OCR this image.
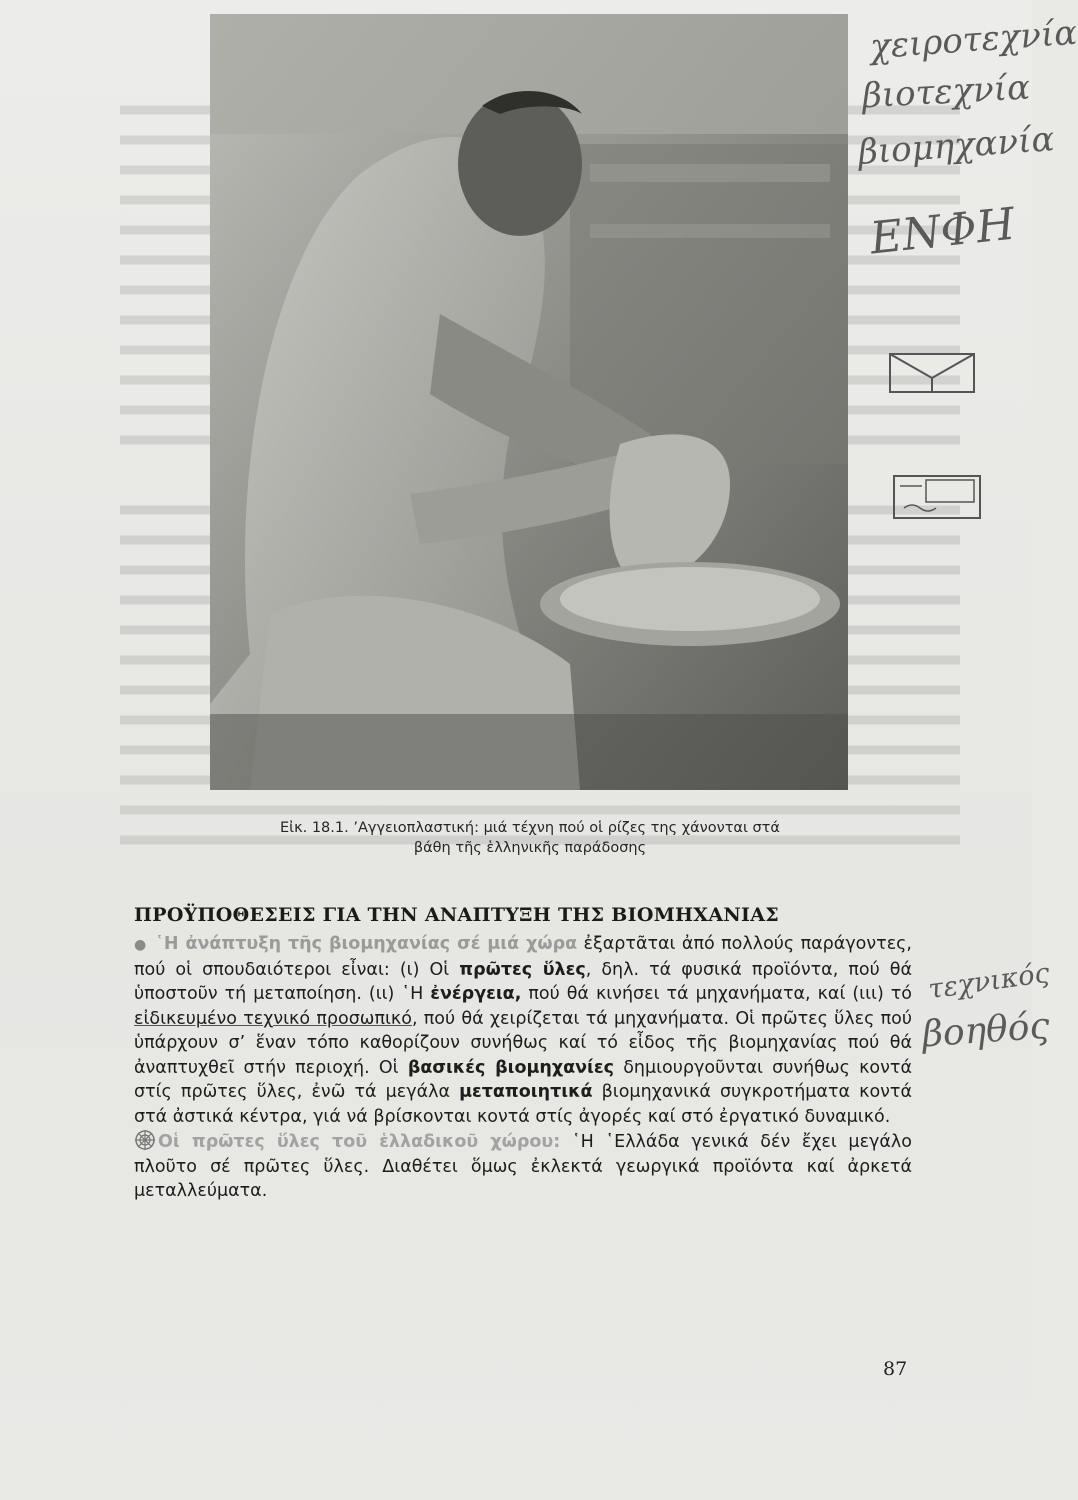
Εἰκ. 18.1. ’Αγγειοπλαστική: μιά τέχνη πού οἱ ρίζες της χάνονται στά
βάθη τῆς ἑλληνικῆς παράδοσης
ΠΡΟΫΠΟΘΕΣΕΙΣ ΓΙΑ ΤΗΝ ΑΝΑΠΤΥΞΗ ΤΗΣ ΒΙΟΜΗΧΑΝΙΑΣ

● ῾Η ἀνάπτυξη τῆς βιομηχανίας σέ μιά χώρα ἐξαρτᾶται ἀπό πολλούς παράγοντες, πού οἱ σπουδαιότεροι εἶναι: (ι) Οἱ πρῶτες ὕλες, δηλ. τά φυσικά προϊόντα, πού θά ὑποστοῦν τή μεταποίηση. (ιι) ῾Η ἐνέργεια, πού θά κινήσει τά μηχανήματα, καί (ιιι) τό εἰδικευμένο τεχνικό προσωπικό, πού θά χειρίζεται τά μηχανήματα. Οἱ πρῶτες ὕλες πού ὑπάρχουν σ’ ἕναν τόπο καθορίζουν συνήθως καί τό εἶδος τῆς βιομηχανίας πού θά ἀναπτυχθεῖ στήν περιοχή. Οἱ βασικές βιομηχανίες δημιουργοῦνται συνήθως κοντά στίς πρῶτες ὕλες, ἐνῶ τά μεγάλα μεταποιητικά βιομηχανικά συγκροτήματα κοντά στά ἀστικά κέντρα, γιά νά βρίσκονται κοντά στίς ἀγορές καί στό ἐργατικό δυναμικό.

Οἱ πρῶτες ὕλες τοῦ ἑλλαδικοῦ χώρου: ῾Η ῾Ελλάδα γενικά δέν ἔχει μεγάλο πλοῦτο σέ πρῶτες ὕλες. Διαθέτει ὅμως ἐκλεκτά γεωργικά προϊόντα καί ἀρκετά μεταλλεύματα.

87
χειροτεχνία
βιοτεχνία
βιομηχανία
ΕΝΦΗ
τεχνικός
βοηθός
